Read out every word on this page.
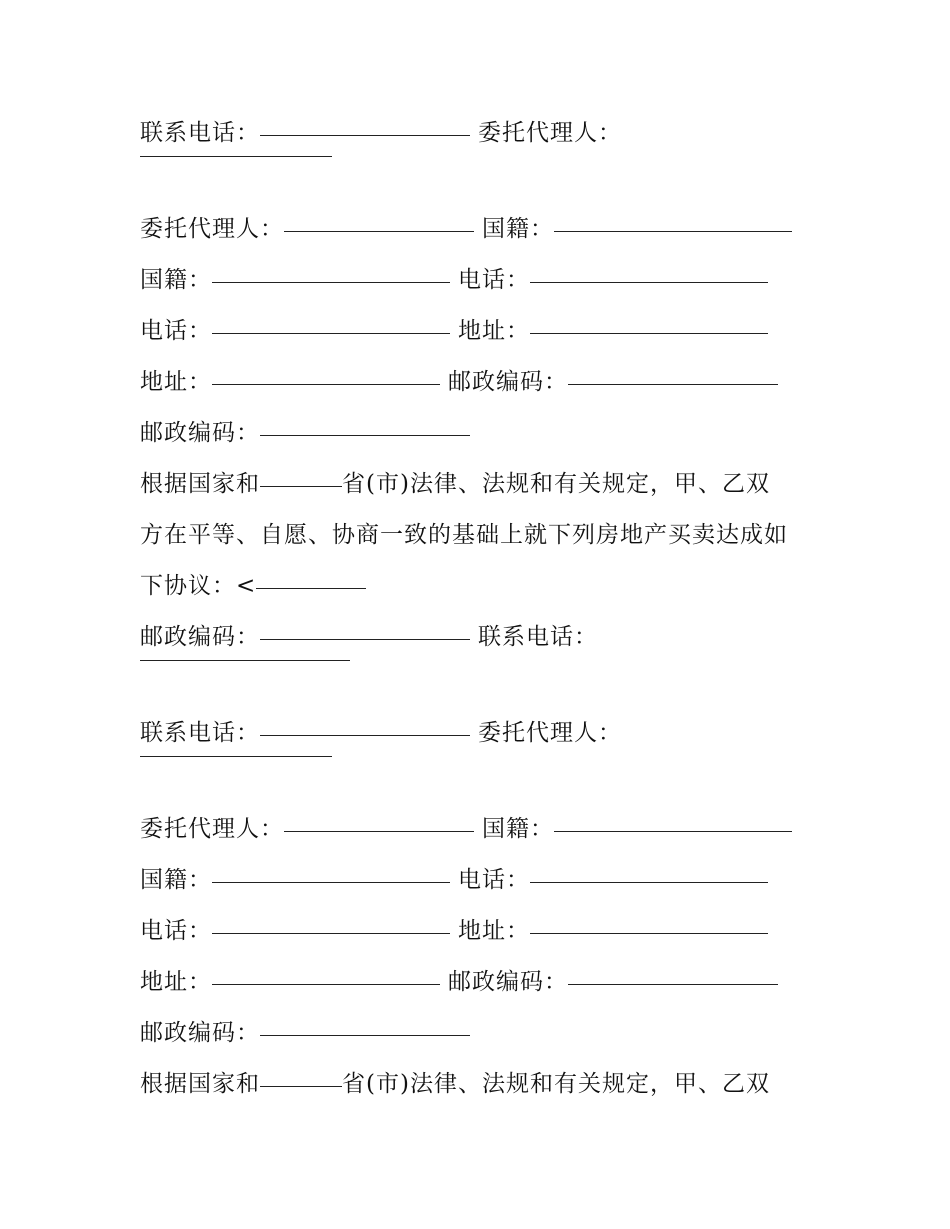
联系电话：	委托代理人：
委托代理人：	国籍：
国籍：	电话：
电话：	地址：
地址：	邮政编码：
邮政编码：
根据国家和	省(市)法律、法规和有关规定，甲、乙双
方在平等、自愿、协商一致的基础上就下列房地产买卖达成如
下协议：<
邮政编码：	联系电话：
联系电话：	委托代理人：
委托代理人：	国籍：
国籍：	电话：
电话：	地址：
地址：	邮政编码：
邮政编码：
根据国家和	省(市)法律、法规和有关规定，甲、乙双
